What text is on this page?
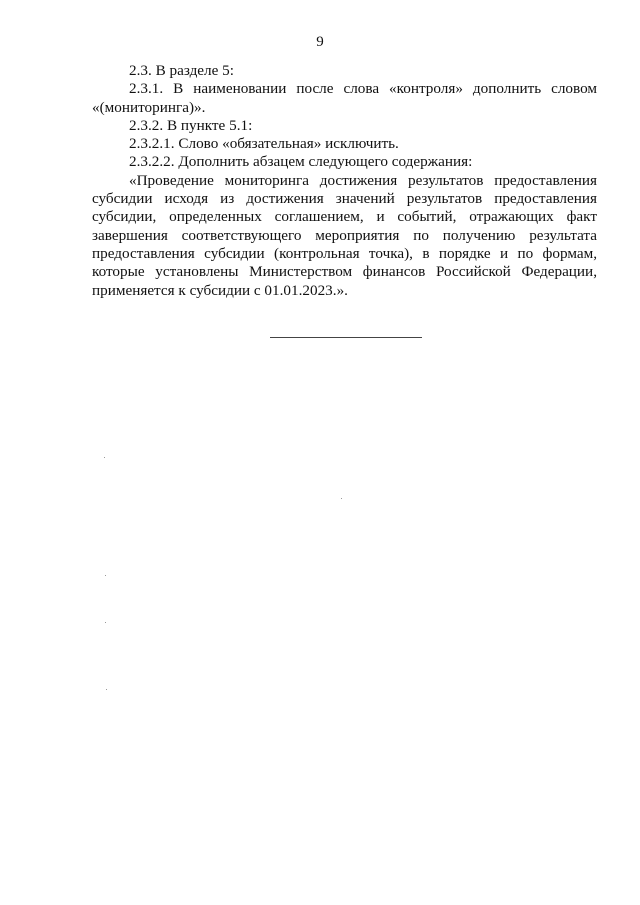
9

2.3. В разделе 5:

2.3.1. В наименовании после слова «контроля» дополнить словом «(мониторинга)».

2.3.2. В пункте 5.1:

2.3.2.1. Слово «обязательная» исключить.

2.3.2.2. Дополнить абзацем следующего содержания:

«Проведение мониторинга достижения результатов предоставления субсидии исходя из достижения значений результатов предоставления субсидии, определенных соглашением, и событий, отражающих факт завершения соответствующего мероприятия по получению результата предоставления субсидии (контрольная точка), в порядке и по формам, которые установлены Министерством финансов Российской Федерации, применяется к субсидии с 01.01.2023.».
